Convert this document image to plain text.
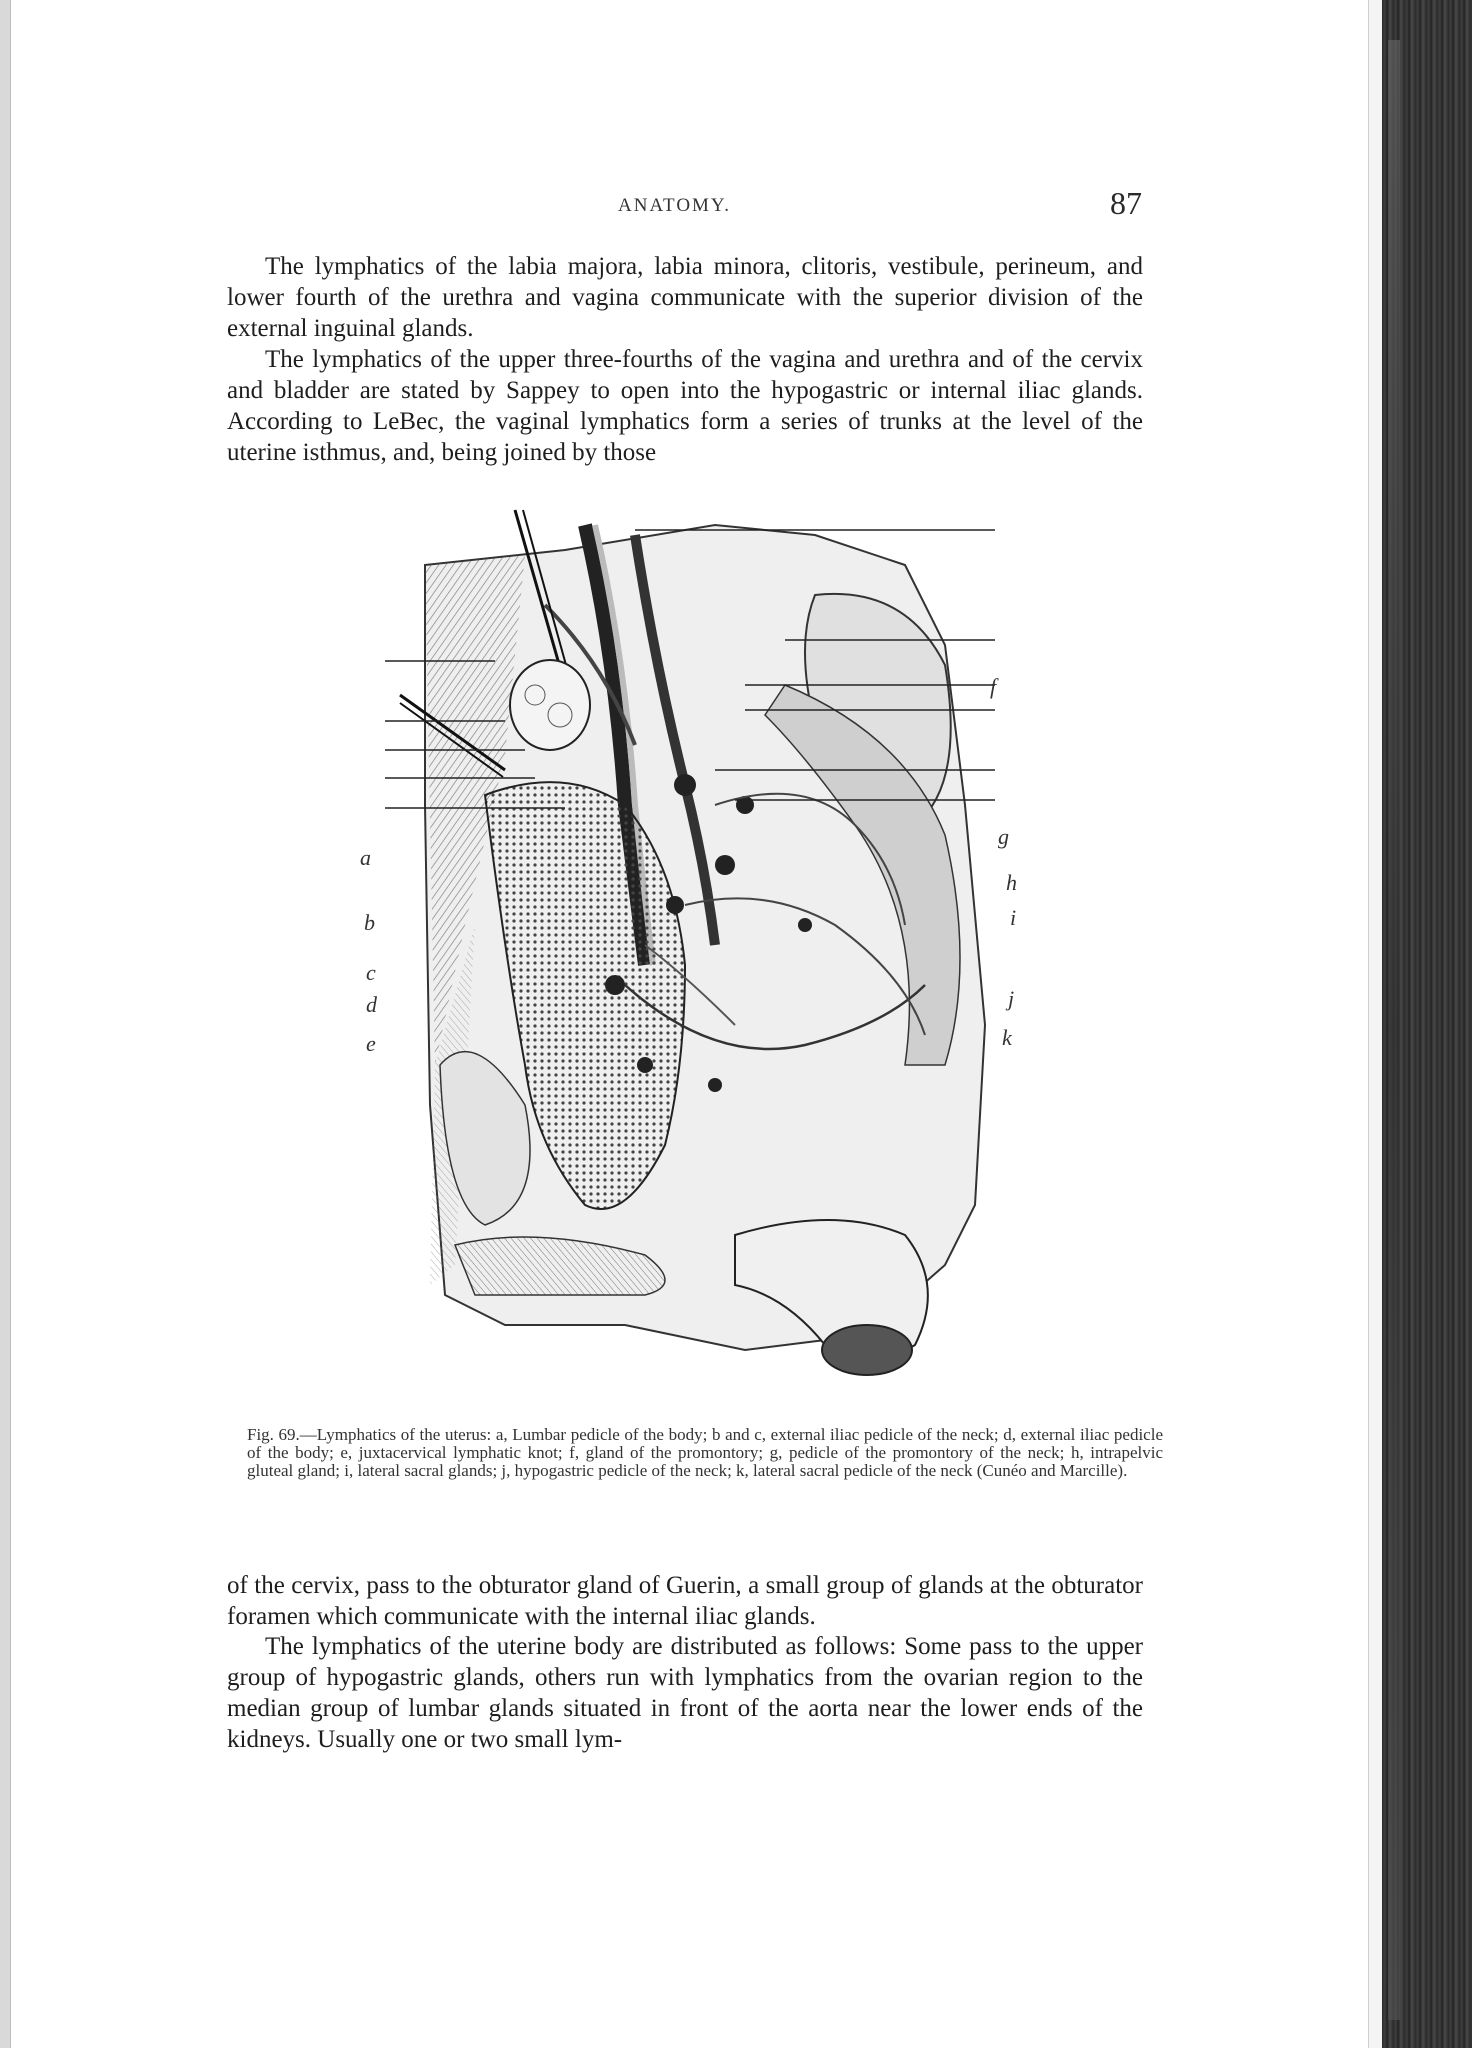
ANATOMY.	87

The lymphatics of the labia majora, labia minora, clitoris, vestibule, perineum, and lower fourth of the urethra and vagina communicate with the superior division of the external inguinal glands.

The lymphatics of the upper three-fourths of the vagina and urethra and of the cervix and bladder are stated by Sappey to open into the hypogastric or internal iliac glands. According to LeBec, the vaginal lymphatics form a series of trunks at the level of the uterine isthmus, and, being joined by those

a
b
c
d
e
f
g
h
i
j
k

Fig. 69.—Lymphatics of the uterus: a, Lumbar pedicle of the body; b and c, external iliac pedicle of the neck; d, external iliac pedicle of the body; e, juxtacervical lymphatic knot; f, gland of the promontory; g, pedicle of the promontory of the neck; h, intrapelvic gluteal gland; i, lateral sacral glands; j, hypogastric pedicle of the neck; k, lateral sacral pedicle of the neck (Cunéo and Marcille).

of the cervix, pass to the obturator gland of Guerin, a small group of glands at the obturator foramen which communicate with the internal iliac glands.

The lymphatics of the uterine body are distributed as follows: Some pass to the upper group of hypogastric glands, others run with lymphatics from the ovarian region to the median group of lumbar glands situated in front of the aorta near the lower ends of the kidneys. Usually one or two small lym-
